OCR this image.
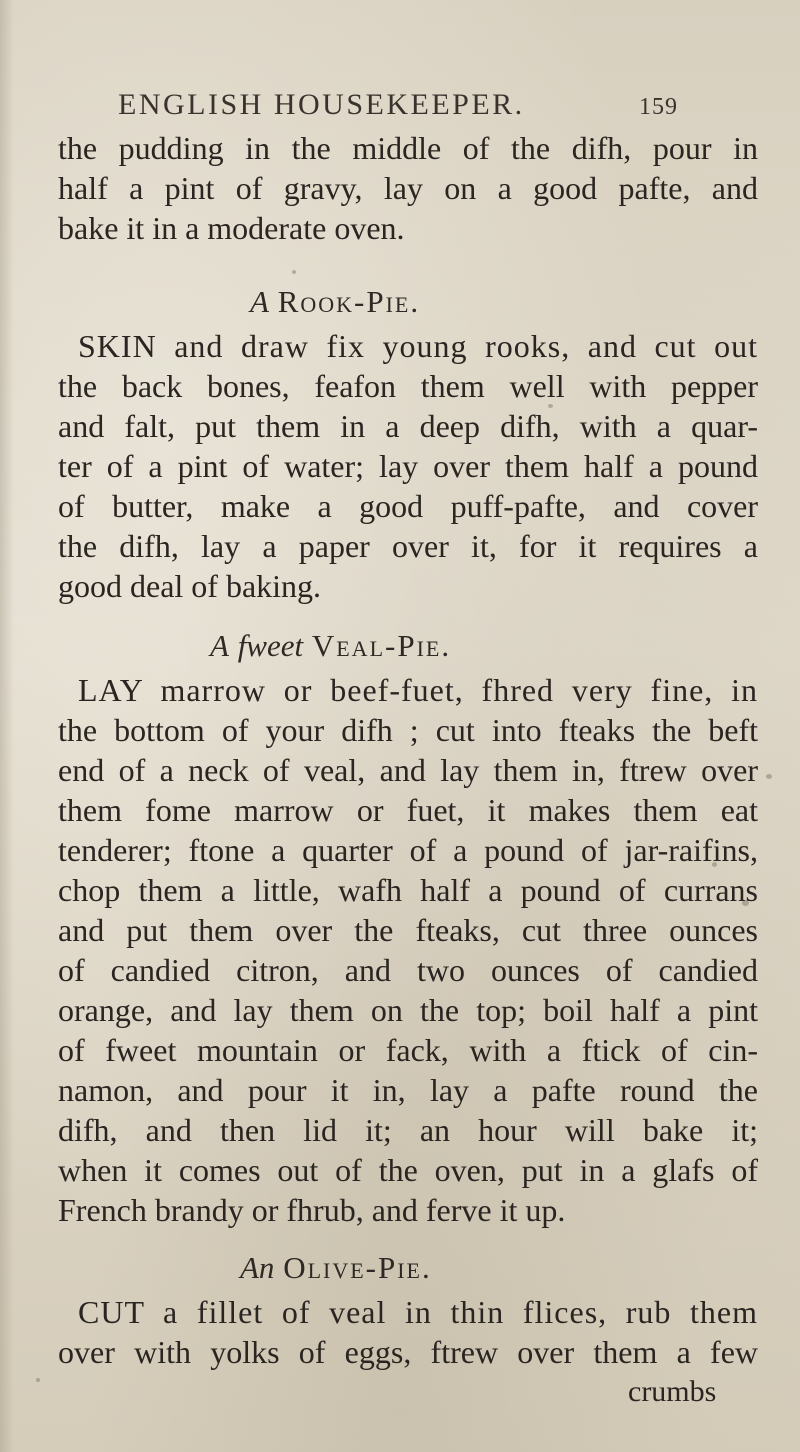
ENGLISH HOUSEKEEPER.	159
the pudding in the middle of the difh, pour in
half a pint of gravy, lay on a good pafte, and
bake it in a moderate oven.
A Rook-Pie.
SKIN and draw fix young rooks, and cut out
the back bones, feafon them well with pepper
and falt, put them in a deep difh, with a quar-
ter of a pint of water; lay over them half a pound
of butter, make a good puff-pafte, and cover
the difh, lay a paper over it, for it requires a
good deal of baking.
A fweet Veal-Pie.
LAY marrow or beef-fuet, fhred very fine, in
the bottom of your difh ; cut into fteaks the beft
end of a neck of veal, and lay them in, ftrew over
them fome marrow or fuet, it makes them eat
tenderer; ftone a quarter of a pound of jar-raifins,
chop them a little, wafh half a pound of currans
and put them over the fteaks, cut three ounces
of candied citron, and two ounces of candied
orange, and lay them on the top; boil half a pint
of fweet mountain or fack, with a ftick of cin-
namon, and pour it in, lay a pafte round the
difh, and then lid it; an hour will bake it;
when it comes out of the oven, put in a glafs of
French brandy or fhrub, and ferve it up.
An Olive-Pie.
CUT a fillet of veal in thin flices, rub them
over with yolks of eggs, ftrew over them a few
crumbs
